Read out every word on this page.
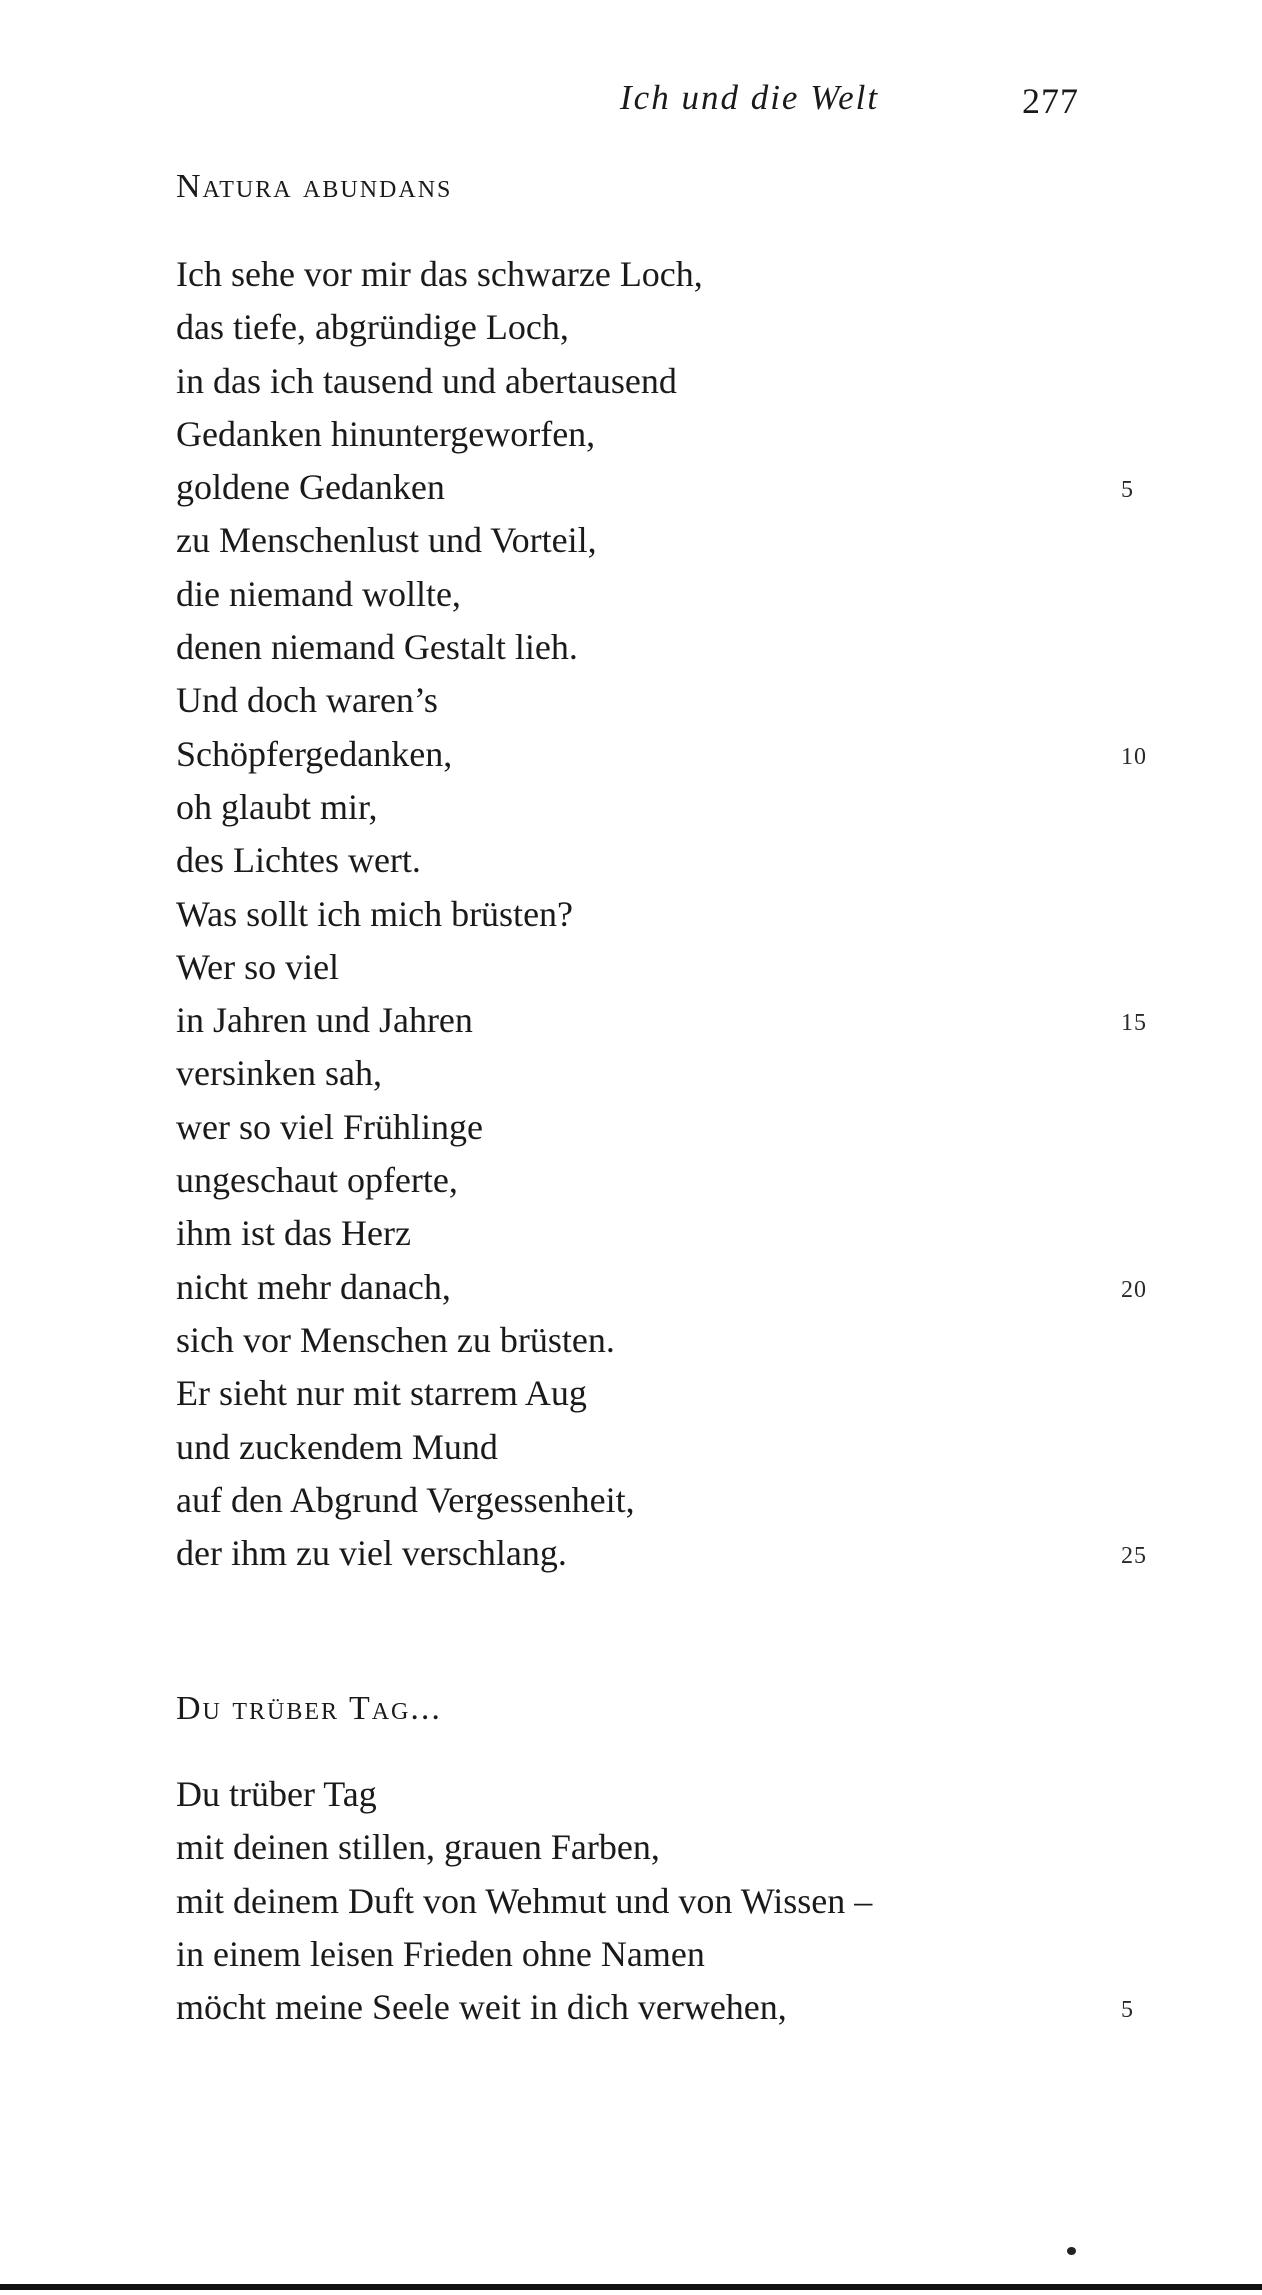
Ich und die Welt	277
Natura abundans
Ich sehe vor mir das schwarze Loch,
das tiefe, abgründige Loch,
in das ich tausend und abertausend
Gedanken hinuntergeworfen,
goldene Gedanken	5
zu Menschenlust und Vorteil,
die niemand wollte,
denen niemand Gestalt lieh.
Und doch waren’s
Schöpfergedanken,	10
oh glaubt mir,
des Lichtes wert.
Was sollt ich mich brüsten?
Wer so viel
in Jahren und Jahren	15
versinken sah,
wer so viel Frühlinge
ungeschaut opferte,
ihm ist das Herz
nicht mehr danach,	20
sich vor Menschen zu brüsten.
Er sieht nur mit starrem Aug
und zuckendem Mund
auf den Abgrund Vergessenheit,
der ihm zu viel verschlang.	25
Du trüber Tag...
Du trüber Tag
mit deinen stillen, grauen Farben,
mit deinem Duft von Wehmut und von Wissen –
in einem leisen Frieden ohne Namen
möcht meine Seele weit in dich verwehen,	5
